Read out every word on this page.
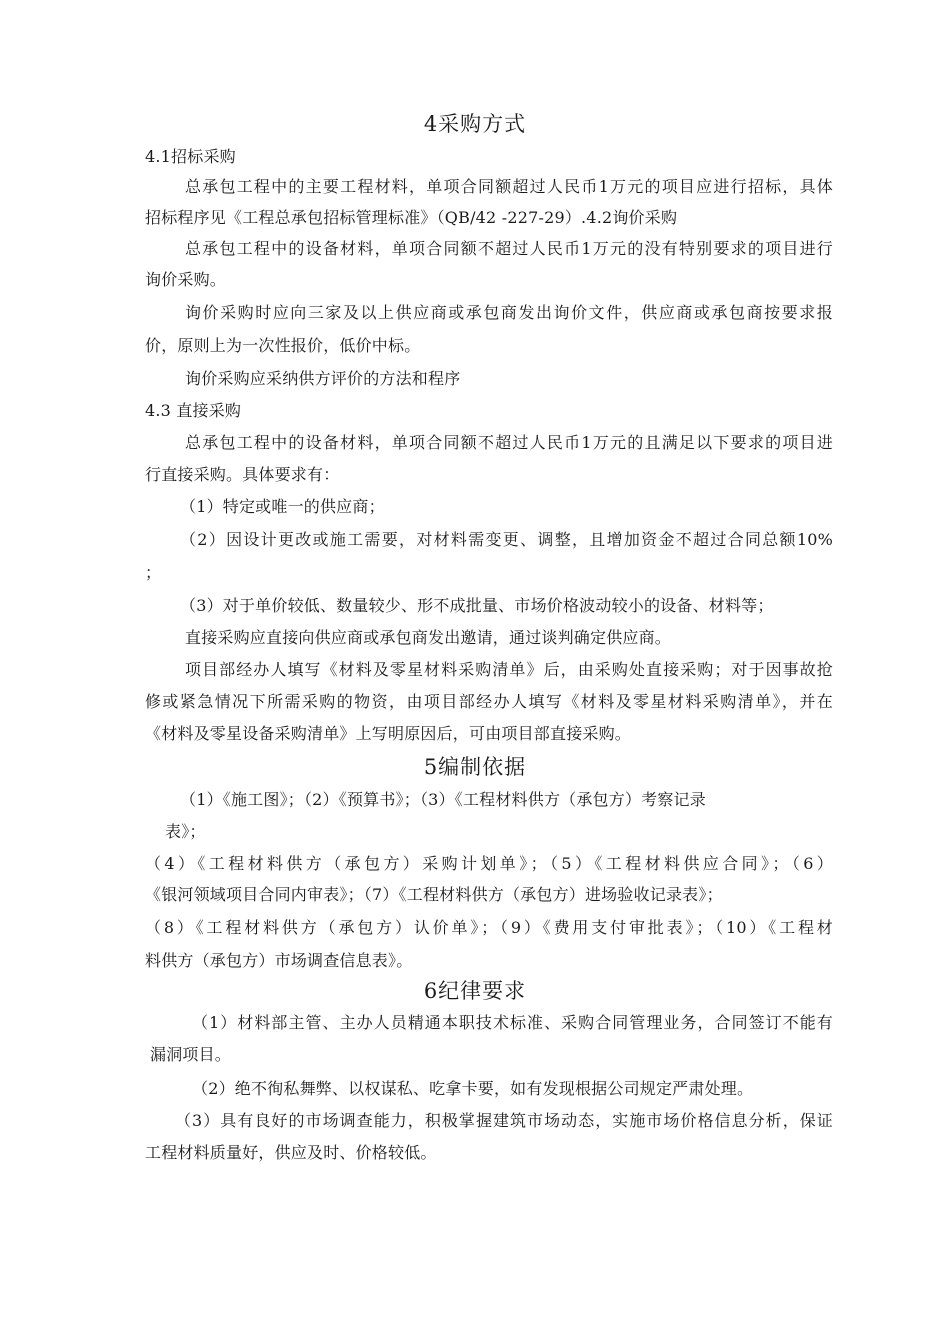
4采购方式

4.1招标采购

总承包工程中的主要工程材料，单项合同额超过人民币1万元的项目应进行招标，具体

招标程序见《工程总承包招标管理标准》（QB/42 -227-29）.4.2询价采购

总承包工程中的设备材料，单项合同额不超过人民币1万元的没有特别要求的项目进行

询价采购。

询价采购时应向三家及以上供应商或承包商发出询价文件，供应商或承包商按要求报

价，原则上为一次性报价，低价中标。

询价采购应采纳供方评价的方法和程序

4.3 直接采购

总承包工程中的设备材料，单项合同额不超过人民币1万元的且满足以下要求的项目进

行直接采购。具体要求有：

（1）特定或唯一的供应商；

（2）因设计更改或施工需要，对材料需变更、调整，且增加资金不超过合同总额10%

；

（3）对于单价较低、数量较少、形不成批量、市场价格波动较小的设备、材料等；

直接采购应直接向供应商或承包商发出邀请，通过谈判确定供应商。

项目部经办人填写《材料及零星材料采购清单》后，由采购处直接采购；对于因事故抢

修或紧急情况下所需采购的物资，由项目部经办人填写《材料及零星材料采购清单》，并在

《材料及零星设备采购清单》上写明原因后，可由项目部直接采购。

5编制依据

（1）《施工图》；（2）《预算书》；（3）《工程材料供方（承包方）考察记录

表》；

（4）《工程材料供方（承包方）采购计划单》；（5）《工程材料供应合同》；（6）

《银河领域项目合同内审表》；（7）《工程材料供方（承包方）进场验收记录表》；

（8）《工程材料供方（承包方）认价单》；（9）《费用支付审批表》；（10）《工程材

料供方（承包方）市场调查信息表》。

6纪律要求

（1）材料部主管、主办人员精通本职技术标准、采购合同管理业务，合同签订不能有

漏洞项目。

（2）绝不徇私舞弊、以权谋私、吃拿卡要，如有发现根据公司规定严肃处理。

（3）具有良好的市场调查能力，积极掌握建筑市场动态，实施市场价格信息分析，保证

工程材料质量好，供应及时、价格较低。
